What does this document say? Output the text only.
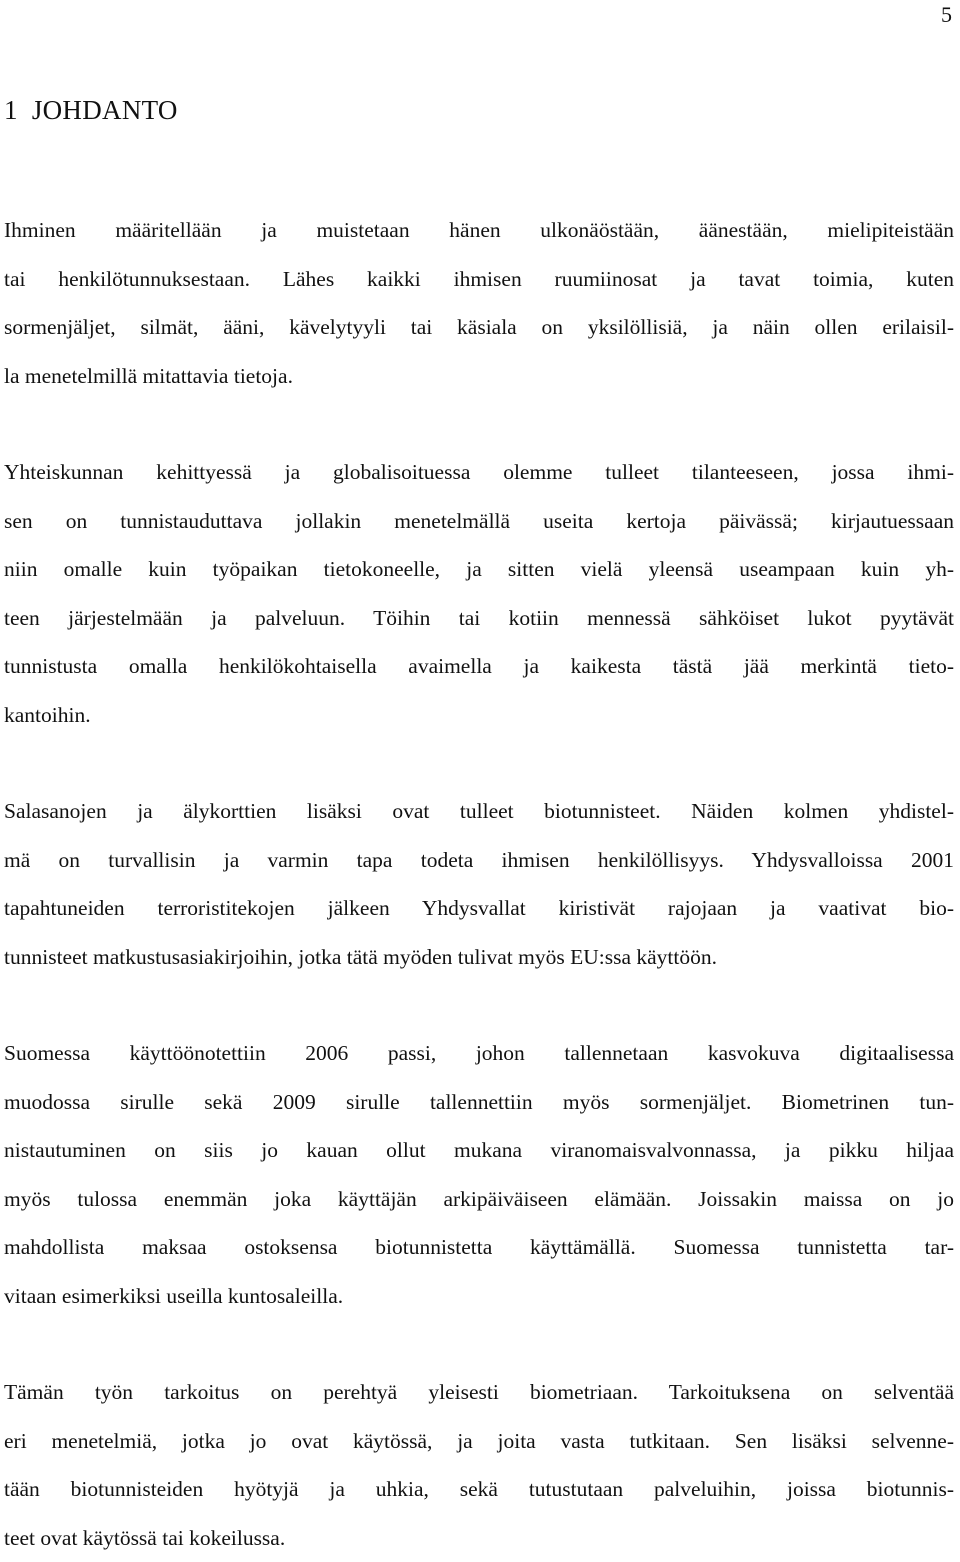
5
1 JOHDANTO

Ihminen määritellään ja muistetaan hänen ulkonäöstään, äänestään, mielipiteistään
tai henkilötunnuksestaan. Lähes kaikki ihmisen ruumiinosat ja tavat toimia, kuten
sormenjäljet, silmät, ääni, kävelytyyli tai käsiala on yksilöllisiä, ja näin ollen erilaisil-
la menetelmillä mitattavia tietoja.

Yhteiskunnan kehittyessä ja globalisoituessa olemme tulleet tilanteeseen, jossa ihmi-
sen on tunnistauduttava jollakin menetelmällä useita kertoja päivässä; kirjautuessaan
niin omalle kuin työpaikan tietokoneelle, ja sitten vielä yleensä useampaan kuin yh-
teen järjestelmään ja palveluun. Töihin tai kotiin mennessä sähköiset lukot pyytävät
tunnistusta omalla henkilökohtaisella avaimella ja kaikesta tästä jää merkintä tieto-
kantoihin.

Salasanojen ja älykorttien lisäksi ovat tulleet biotunnisteet. Näiden kolmen yhdistel-
mä on turvallisin ja varmin tapa todeta ihmisen henkilöllisyys. Yhdysvalloissa 2001
tapahtuneiden terroristitekojen jälkeen Yhdysvallat kiristivät rajojaan ja vaativat bio-
tunnisteet matkustusasiakirjoihin, jotka tätä myöden tulivat myös EU:ssa käyttöön.

Suomessa käyttöönotettiin 2006 passi, johon tallennetaan kasvokuva digitaalisessa
muodossa sirulle sekä 2009 sirulle tallennettiin myös sormenjäljet. Biometrinen tun-
nistautuminen on siis jo kauan ollut mukana viranomaisvalvonnassa, ja pikku hiljaa
myös tulossa enemmän joka käyttäjän arkipäiväiseen elämään. Joissakin maissa on jo
mahdollista maksaa ostoksensa biotunnistetta käyttämällä. Suomessa tunnistetta tar-
vitaan esimerkiksi useilla kuntosaleilla.

Tämän työn tarkoitus on perehtyä yleisesti biometriaan. Tarkoituksena on selventää
eri menetelmiä, jotka jo ovat käytössä, ja joita vasta tutkitaan. Sen lisäksi selvenne-
tään biotunnisteiden hyötyjä ja uhkia, sekä tutustutaan palveluihin, joissa biotunnis-
teet ovat käytössä tai kokeilussa.
